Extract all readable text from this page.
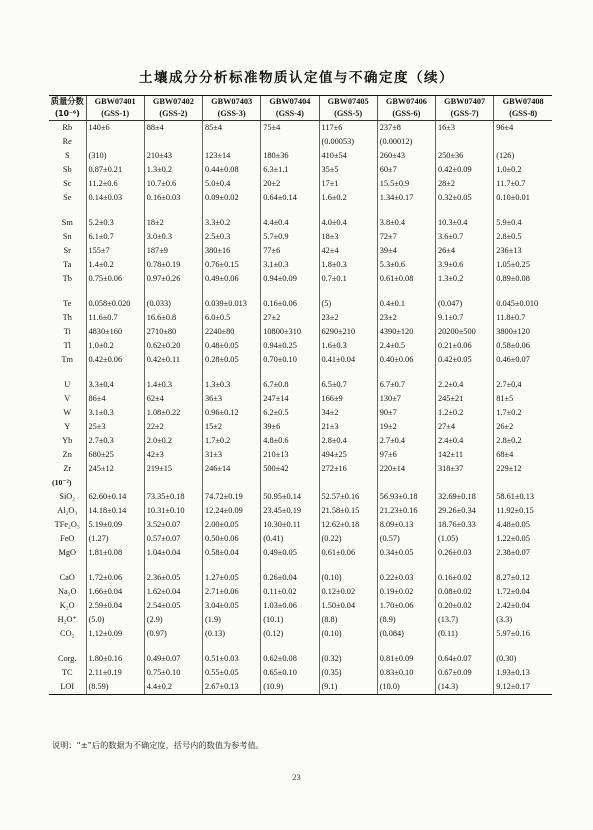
土壤成分分析标准物质认定值与不确定度（续）
质量分数	GBW07401	GBW07402	GBW07403	GBW07404	GBW07405	GBW07406	GBW07407	GBW07408
(10⁻⁶)	(GSS-1)	(GSS-2)	(GSS-3)	(GSS-4)	(GSS-5)	(GSS-6)	(GSS-7)	(GSS-8)
Rb	140±6	88±4	85±4	75±4	117±6	237±8	16±3	96±4
Re					(0.00053)	(0.00012)		
S	(310)	210±43	123±14	180±36	410±54	260±43	250±36	(126)
Sb	0.87±0.21	1.3±0.2	0.44±0.08	6.3±1.1	35±5	60±7	0.42±0.09	1.0±0.2
Sc	11.2±0.6	10.7±0.6	5.0±0.4	20±2	17±1	15.5±0.9	28±2	11.7±0.7
Se	0.14±0.03	0.16±0.03	0.09±0.02	0.64±0.14	1.6±0.2	1.34±0.17	0.32±0.05	0.10±0.01

Sm	5.2±0.3	18±2	3.3±0.2	4.4±0.4	4.0±0.4	3.8±0.4	10.3±0.4	5.9±0.4
Sn	6.1±0.7	3.0±0.3	2.5±0.3	5.7±0.9	18±3	72±7	3.6±0.7	2.8±0.5
Sr	155±7	187±9	380±16	77±6	42±4	39±4	26±4	236±13
Ta	1.4±0.2	0.78±0.19	0.76±0.15	3.1±0.3	1.8±0.3	5.3±0.6	3.9±0.6	1.05±0.25
Tb	0.75±0.06	0.97±0.26	0.49±0.06	0.94±0.09	0.7±0.1	0.61±0.08	1.3±0.2	0.89±0.08

Te	0.058±0.020	(0.033)	0.039±0.013	0.16±0.06	(5)	0.4±0.1	(0.047)	0.045±0.010
Th	11.6±0.7	16.6±0.8	6.0±0.5	27±2	23±2	23±2	9.1±0.7	11.8±0.7
Ti	4830±160	2710±80	2240±80	10800±310	6290±210	4390±120	20200±500	3800±120
Tl	1.0±0.2	0.62±0.20	0.48±0.05	0.94±0.25	1.6±0.3	2.4±0.5	0.21±0.06	0.58±0.06
Tm	0.42±0.06	0.42±0.11	0.28±0.05	0.70±0.10	0.41±0.04	0.40±0.06	0.42±0.05	0.46±0.07

U	3.3±0.4	1.4±0.3	1.3±0.3	6.7±0.8	6.5±0.7	6.7±0.7	2.2±0.4	2.7±0.4
V	86±4	62±4	36±3	247±14	166±9	130±7	245±21	81±5
W	3.1±0.3	1.08±0.22	0.96±0.12	6.2±0.5	34±2	90±7	1.2±0.2	1.7±0.2
Y	25±3	22±2	15±2	39±6	21±3	19±2	27±4	26±2
Yb	2.7±0.3	2.0±0.2	1.7±0.2	4.8±0.6	2.8±0.4	2.7±0.4	2.4±0.4	2.8±0.2
Zn	680±25	42±3	31±3	210±13	494±25	97±6	142±11	68±4
Zr	245±12	219±15	246±14	500±42	272±16	220±14	318±37	229±12
(10⁻²)								
SiO₂	62.60±0.14	73.35±0.18	74.72±0.19	50.95±0.14	52.57±0.16	56.93±0.18	32.69±0.18	58.61±0.13
Al₂O₃	14.18±0.14	10.31±0.10	12.24±0.09	23.45±0.19	21.58±0.15	21.23±0.16	29.26±0.34	11.92±0.15
TFe₂O₃	5.19±0.09	3.52±0.07	2.00±0.05	10.30±0.11	12.62±0.18	8.09±0.13	18.76±0.33	4.48±0.05
FeO	(1.27)	0.57±0.07	0.50±0.06	(0.41)	(0.22)	(0.57)	(1.05)	1.22±0.05
MgO	1.81±0.08	1.04±0.04	0.58±0.04	0.49±0.05	0.61±0.06	0.34±0.05	0.26±0.03	2.38±0.07

CaO	1.72±0.06	2.36±0.05	1.27±0.05	0.26±0.04	(0.10)	0.22±0.03	0.16±0.02	8.27±0.12
Na₂O	1.66±0.04	1.62±0.04	2.71±0.06	0.11±0.02	0.12±0.02	0.19±0.02	0.08±0.02	1.72±0.04
K₂O	2.59±0.04	2.54±0.05	3.04±0.05	1.03±0.06	1.50±0.04	1.70±0.06	0.20±0.02	2.42±0.04
H₂O⁺	(5.0)	(2.9)	(1.9)	(10.1)	(8.8)	(8.9)	(13.7)	(3.3)
CO₂	1.12±0.09	(0.97)	(0.13)	(0.12)	(0.10)	(0.084)	(0.11)	5.97±0.16

Corg.	1.80±0.16	0.49±0.07	0.51±0.03	0.62±0.08	(0.32)	0.81±0.09	0.64±0.07	(0.30)
TC	2.11±0.19	0.75±0.10	0.55±0.05	0.65±0.10	(0.35)	0.83±0.10	0.67±0.09	1.93±0.13
LOI	(8.59)	4.4±0.2	2.67±0.13	(10.9)	(9.1)	(10.0)	(14.3)	9.12±0.17
说明：“±”后的数据为不确定度，括号内的数值为参考值。
23
